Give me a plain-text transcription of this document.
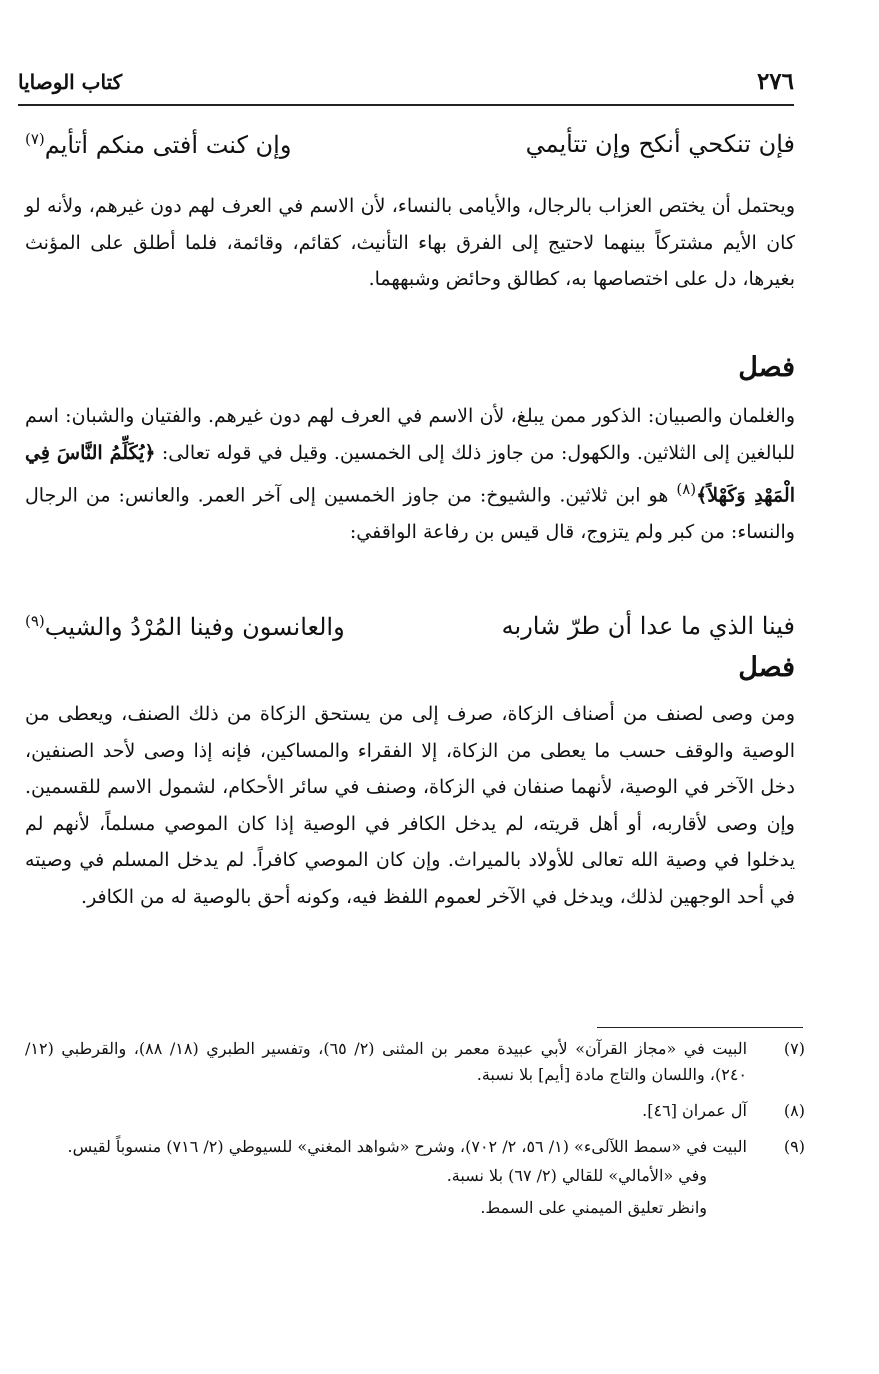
٢٧٦
كتاب الوصايا
فإن تنكحي أنكح وإن تتأيمي
وإن كنت أفتى منكم أتأيم$^{(٧)}$

ويحتمل أن يختص العزاب بالرجال، والأيامى بالنساء، لأن الاسم في العرف لهم دون غيرهم، ولأنه لو كان الأيم مشتركاً بينهما لاحتيج إلى الفرق بهاء التأنيث، كقائم، وقائمة، فلما أطلق على المؤنث بغيرها، دل على اختصاصها به، كطالق وحائض وشبههما.

فصل

والغلمان والصبيان: الذكور ممن يبلغ، لأن الاسم في العرف لهم دون غيرهم. والفتيان والشبان: اسم للبالغين إلى الثلاثين. والكهول: من جاوز ذلك إلى الخمسين. وقيل في قوله تعالى: ﴿يُكَلِّمُ النَّاسَ فِي الْمَهْدِ وَكَهْلاً﴾$^{(٨)}$ هو ابن ثلاثين. والشيوخ: من جاوز الخمسين إلى آخر العمر. والعانس: من الرجال والنساء: من كبر ولم يتزوج، قال قيس بن رفاعة الواقفي:

فينا الذي ما عدا أن طرّ شاربه
والعانسون وفينا المُرْدُ والشيب$^{(٩)}$
فصل

ومن وصى لصنف من أصناف الزكاة، صرف إلى من يستحق الزكاة من ذلك الصنف، ويعطى من الوصية والوقف حسب ما يعطى من الزكاة، إلا الفقراء والمساكين، فإنه إذا وصى لأحد الصنفين، دخل الآخر في الوصية، لأنهما صنفان في الزكاة، وصنف في سائر الأحكام، لشمول الاسم للقسمين. وإن وصى لأقاربه، أو أهل قريته، لم يدخل الكافر في الوصية إذا كان الموصي مسلماً، لأنهم لم يدخلوا في وصية الله تعالى للأولاد بالميراث. وإن كان الموصي كافراً. لم يدخل المسلم في وصيته في أحد الوجهين لذلك، ويدخل في الآخر لعموم اللفظ فيه، وكونه أحق بالوصية له من الكافر.

(٧)
البيت في «مجاز القرآن» لأبي عبيدة معمر بن المثنى (٢/ ٦٥)، وتفسير الطبري (١٨/ ٨٨)، والقرطبي (١٢/ ٢٤٠)، واللسان والتاج مادة [أيم] بلا نسبة.
(٨)
آل عمران [٤٦].
(٩)
البيت في «سمط اللآلىء» (١/ ٥٦، ٢/ ٧٠٢)، وشرح «شواهد المغني» للسيوطي (٢/ ٧١٦) منسوباً لقيس.
وفي «الأمالي» للقالي (٢/ ٦٧) بلا نسبة.
وانظر تعليق الميمني على السمط.
